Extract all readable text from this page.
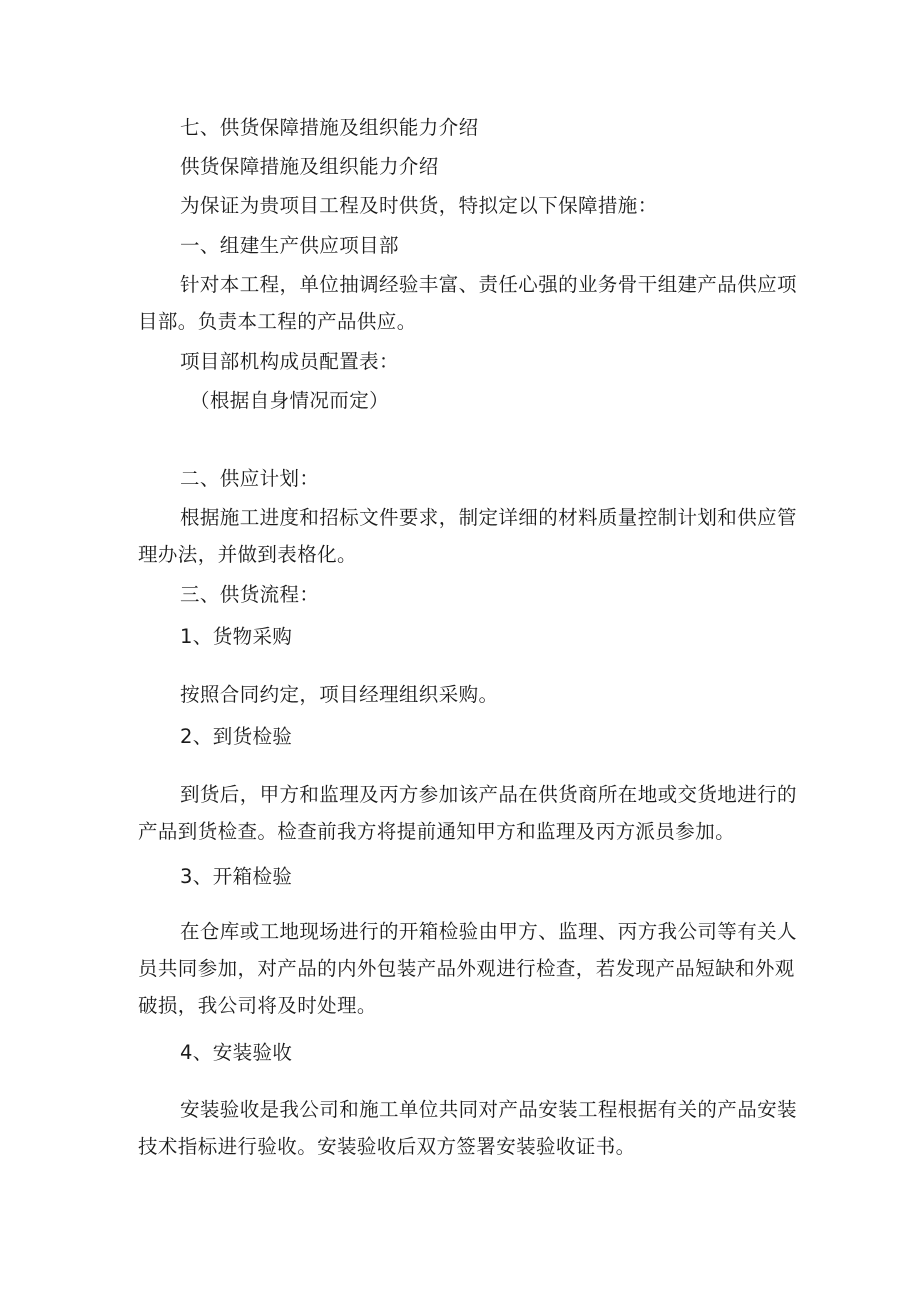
七、供货保障措施及组织能力介绍
供货保障措施及组织能力介绍
为保证为贵项目工程及时供货，特拟定以下保障措施：
一、组建生产供应项目部
针对本工程，单位抽调经验丰富、责任心强的业务骨干组建产品供应项目部。负责本工程的产品供应。
项目部机构成员配置表：
（根据自身情况而定）
二、供应计划：
根据施工进度和招标文件要求，制定详细的材料质量控制计划和供应管理办法，并做到表格化。
三、供货流程：
1、货物采购
按照合同约定，项目经理组织采购。
2、到货检验
到货后，甲方和监理及丙方参加该产品在供货商所在地或交货地进行的产品到货检查。检查前我方将提前通知甲方和监理及丙方派员参加。
3、开箱检验
在仓库或工地现场进行的开箱检验由甲方、监理、丙方我公司等有关人员共同参加，对产品的内外包装产品外观进行检查，若发现产品短缺和外观破损，我公司将及时处理。
4、安装验收
安装验收是我公司和施工单位共同对产品安装工程根据有关的产品安装技术指标进行验收。安装验收后双方签署安装验收证书。
